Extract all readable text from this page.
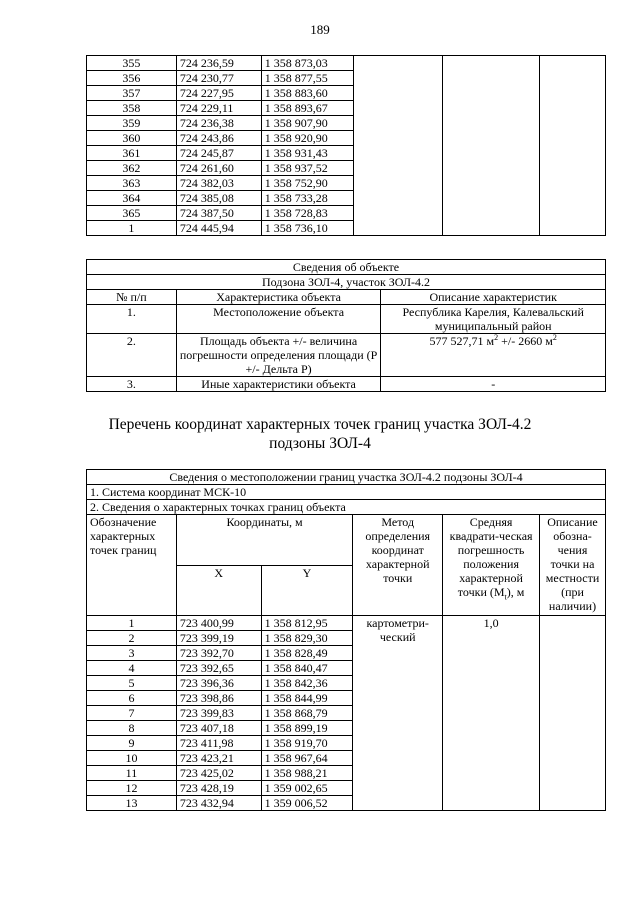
189
355	724 236,59	1 358 873,03			
356	724 230,77	1 358 877,55			
357	724 227,95	1 358 883,60			
358	724 229,11	1 358 893,67			
359	724 236,38	1 358 907,90			
360	724 243,86	1 358 920,90			
361	724 245,87	1 358 931,43			
362	724 261,60	1 358 937,52			
363	724 382,03	1 358 752,90			
364	724 385,08	1 358 733,28			
365	724 387,50	1 358 728,83			
1	724 445,94	1 358 736,10			
Сведения об объекте		
Подзона ЗОЛ-4, участок ЗОЛ-4.2		
№ п/п	Характеристика объекта	Описание характеристик
1.	Местоположение объекта	Республика Карелия, Калевальский муниципальный район
2.	Площадь объекта +/- величина погрешности определения площади (Р +/- Дельта Р)	577 527,71 $м^2$ +/- 2660 $м^2$
3.	Иные характеристики объекта	-
Перечень координат характерных точек границ участка ЗОЛ-4.2
подзоны ЗОЛ-4
Сведения о местоположении границ участка ЗОЛ-4.2 подзоны ЗОЛ-4					
1. Система координат МСК-10					
2. Сведения о характерных точках границ объекта					
Обозначение характерных точек границ	Координаты, м		Метод определения координат характерной точки	Средняя квадрати-ческая погрешность положения характерной точки $(M_t)$, м	Описание обозна-чения точки на местности (при наличии)
	X	Y			
1	723 400,99	1 358 812,95	картометри-ческий	1,0	
2	723 399,19	1 358 829,30			
3	723 392,70	1 358 828,49			
4	723 392,65	1 358 840,47			
5	723 396,36	1 358 842,36			
6	723 398,86	1 358 844,99			
7	723 399,83	1 358 868,79			
8	723 407,18	1 358 899,19			
9	723 411,98	1 358 919,70			
10	723 423,21	1 358 967,64			
11	723 425,02	1 358 988,21			
12	723 428,19	1 359 002,65			
13	723 432,94	1 359 006,52			
